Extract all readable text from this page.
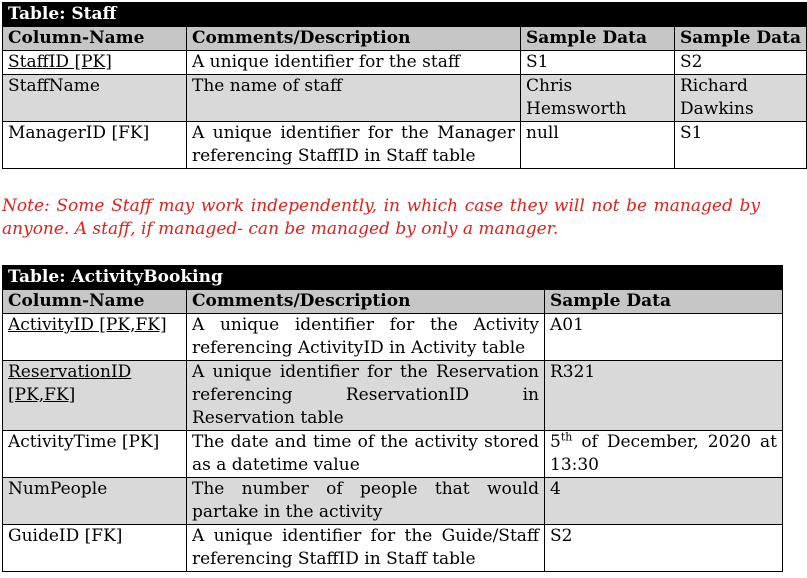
Table: Staff			
Column-Name	Comments/Description	Sample Data	Sample Data
StaffID [PK]	A unique identifier for the staff	S1	S2
StaffName	The name of staff	Chris Hemsworth	Richard Dawkins
ManagerID [FK]	A unique identifier for the Manager referencing StaffID in Staff table	null	S1

Note: Some Staff may work independently, in which case they will not be managed by anyone. A staff, if managed- can be managed by only a manager.

Table: ActivityBooking		
Column-Name	Comments/Description	Sample Data
ActivityID [PK,FK]	A unique identifier for the Activity referencing ActivityID in Activity table	A01
ReservationID [PK,FK]	A unique identifier for the Reservation referencing ReservationID in Reservation table	R321
ActivityTime [PK]	The date and time of the activity stored as a datetime value	5th of December, 2020 at 13:30
NumPeople	The number of people that would partake in the activity	4
GuideID [FK]	A unique identifier for the Guide/Staff referencing StaffID in Staff table	S2
